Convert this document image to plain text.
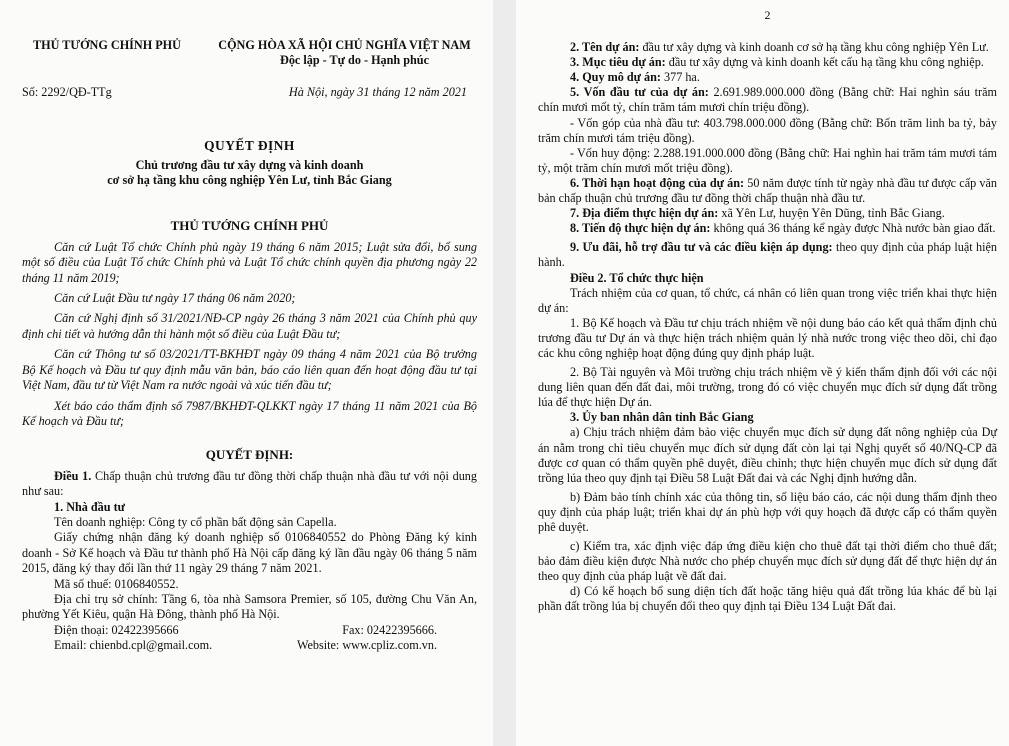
THỦ TƯỚNG CHÍNH PHỦ	CỘNG HÒA XÃ HỘI CHỦ NGHĨA VIỆT NAM
Độc lập - Tự do - Hạnh phúc
Số: 2292/QĐ-TTg	Hà Nội, ngày 31 tháng 12 năm 2021
QUYẾT ĐỊNH
Chủ trương đầu tư xây dựng và kinh doanh
cơ sở hạ tầng khu công nghiệp Yên Lư, tỉnh Bắc Giang
THỦ TƯỚNG CHÍNH PHỦ

Căn cứ Luật Tổ chức Chính phủ ngày 19 tháng 6 năm 2015; Luật sửa đổi, bổ sung một số điều của Luật Tổ chức Chính phủ và Luật Tổ chức chính quyền địa phương ngày 22 tháng 11 năm 2019;

Căn cứ Luật Đầu tư ngày 17 tháng 06 năm 2020;

Căn cứ Nghị định số 31/2021/NĐ-CP ngày 26 tháng 3 năm 2021 của Chính phủ quy định chi tiết và hướng dẫn thi hành một số điều của Luật Đầu tư;

Căn cứ Thông tư số 03/2021/TT-BKHĐT ngày 09 tháng 4 năm 2021 của Bộ trưởng Bộ Kế hoạch và Đầu tư quy định mẫu văn bản, báo cáo liên quan đến hoạt động đầu tư tại Việt Nam, đầu tư từ Việt Nam ra nước ngoài và xúc tiến đầu tư;

Xét báo cáo thẩm định số 7987/BKHĐT-QLKKT ngày 17 tháng 11 năm 2021 của Bộ Kế hoạch và Đầu tư;

QUYẾT ĐỊNH:

Điều 1. Chấp thuận chủ trương đầu tư đồng thời chấp thuận nhà đầu tư với nội dung như sau:

1. Nhà đầu tư

Tên doanh nghiệp: Công ty cổ phần bất động sản Capella.

Giấy chứng nhận đăng ký doanh nghiệp số 0106840552 do Phòng Đăng ký kinh doanh - Sở Kế hoạch và Đầu tư thành phố Hà Nội cấp đăng ký lần đầu ngày 06 tháng 5 năm 2015, đăng ký thay đổi lần thứ 11 ngày 29 tháng 7 năm 2021.

Mã số thuế: 0106840552.

Địa chỉ trụ sở chính: Tầng 6, tòa nhà Samsora Premier, số 105, đường Chu Văn An, phường Yết Kiêu, quận Hà Đông, thành phố Hà Nội.

Điện thoại: 02422395666	Fax: 02422395666.
Email: chienbd.cpl@gmail.com.	Website: www.cpliz.com.vn.
2

2. Tên dự án: đầu tư xây dựng và kinh doanh cơ sở hạ tầng khu công nghiệp Yên Lư.

3. Mục tiêu dự án: đầu tư xây dựng và kinh doanh kết cấu hạ tầng khu công nghiệp.

4. Quy mô dự án: 377 ha.

5. Vốn đầu tư của dự án: 2.691.989.000.000 đồng (Bằng chữ: Hai nghìn sáu trăm chín mươi mốt tỷ, chín trăm tám mươi chín triệu đồng).

- Vốn góp của nhà đầu tư: 403.798.000.000 đồng (Bằng chữ: Bốn trăm linh ba tỷ, bảy trăm chín mươi tám triệu đồng).

- Vốn huy động: 2.288.191.000.000 đồng (Bằng chữ: Hai nghìn hai trăm tám mươi tám tỷ, một trăm chín mươi mốt triệu đồng).

6. Thời hạn hoạt động của dự án: 50 năm được tính từ ngày nhà đầu tư được cấp văn bản chấp thuận chủ trương đầu tư đồng thời chấp thuận nhà đầu tư.

7. Địa điểm thực hiện dự án: xã Yên Lư, huyện Yên Dũng, tỉnh Bắc Giang.

8. Tiến độ thực hiện dự án: không quá 36 tháng kể ngày được Nhà nước bàn giao đất.

9. Ưu đãi, hỗ trợ đầu tư và các điều kiện áp dụng: theo quy định của pháp luật hiện hành.

Điều 2. Tổ chức thực hiện

Trách nhiệm của cơ quan, tổ chức, cá nhân có liên quan trong việc triển khai thực hiện dự án:

1. Bộ Kế hoạch và Đầu tư chịu trách nhiệm về nội dung báo cáo kết quả thẩm định chủ trương đầu tư Dự án và thực hiện trách nhiệm quản lý nhà nước trong việc theo dõi, chỉ đạo các khu công nghiệp hoạt động đúng quy định pháp luật.

2. Bộ Tài nguyên và Môi trường chịu trách nhiệm về ý kiến thẩm định đối với các nội dung liên quan đến đất đai, môi trường, trong đó có việc chuyển mục đích sử dụng đất trồng lúa để thực hiện Dự án.

3. Ủy ban nhân dân tỉnh Bắc Giang

a) Chịu trách nhiệm đảm bảo việc chuyển mục đích sử dụng đất nông nghiệp của Dự án nằm trong chỉ tiêu chuyển mục đích sử dụng đất còn lại tại Nghị quyết số 40/NQ-CP đã được cơ quan có thẩm quyền phê duyệt, điều chỉnh; thực hiện chuyển mục đích sử dụng đất trồng lúa theo quy định tại Điều 58 Luật Đất đai và các Nghị định hướng dẫn.

b) Đảm bảo tính chính xác của thông tin, số liệu báo cáo, các nội dung thẩm định theo quy định của pháp luật; triển khai dự án phù hợp với quy hoạch đã được cấp có thẩm quyền phê duyệt.

c) Kiểm tra, xác định việc đáp ứng điều kiện cho thuê đất tại thời điểm cho thuê đất; bảo đảm điều kiện được Nhà nước cho phép chuyển mục đích sử dụng đất để thực hiện dự án theo quy định của pháp luật về đất đai.

d) Có kế hoạch bổ sung diện tích đất hoặc tăng hiệu quả đất trồng lúa khác để bù lại phần đất trồng lúa bị chuyển đổi theo quy định tại Điều 134 Luật Đất đai.
